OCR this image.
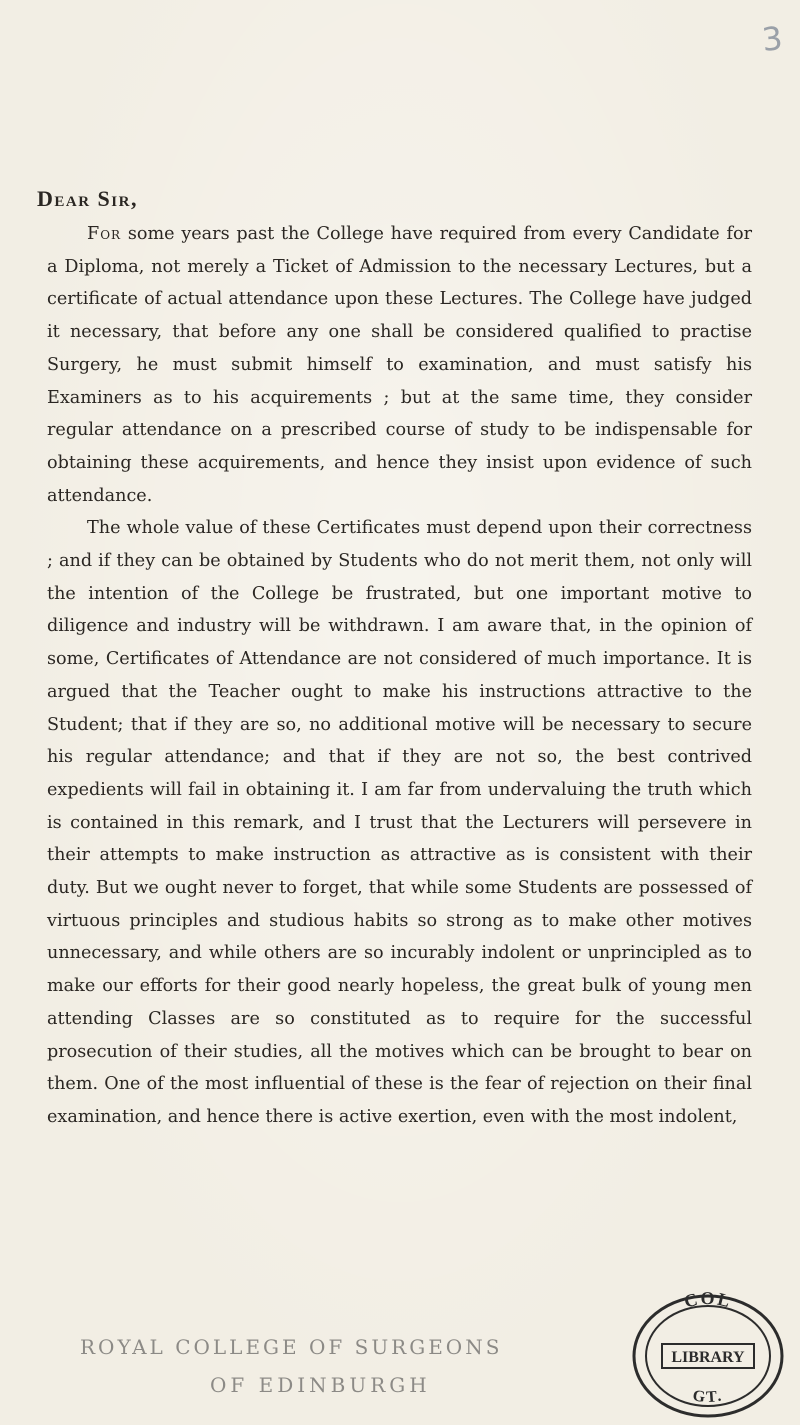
3
Dear Sir,

For some years past the College have required from every Candidate for a Diploma, not merely a Ticket of Admission to the necessary Lectures, but a certificate of actual attendance upon these Lectures. The College have judged it necessary, that before any one shall be considered qualified to practise Surgery, he must submit himself to examination, and must satisfy his Examiners as to his acquirements ; but at the same time, they consider regular attendance on a prescribed course of study to be indispensable for obtaining these acquirements, and hence they insist upon evidence of such attendance.

The whole value of these Certificates must depend upon their correctness ; and if they can be obtained by Students who do not merit them, not only will the intention of the College be frustrated, but one important motive to diligence and industry will be withdrawn. I am aware that, in the opinion of some, Certificates of Attendance are not considered of much importance. It is argued that the Teacher ought to make his instructions attractive to the Student; that if they are so, no additional motive will be necessary to secure his regular attendance; and that if they are not so, the best contrived expedients will fail in obtaining it. I am far from undervaluing the truth which is contained in this remark, and I trust that the Lecturers will persevere in their attempts to make instruction as attractive as is consistent with their duty. But we ought never to forget, that while some Students are possessed of virtuous principles and studious habits so strong as to make other motives unnecessary, and while others are so incurably indolent or unprincipled as to make our efforts for their good nearly hopeless, the great bulk of young men attending Classes are so constituted as to require for the successful prosecution of their studies, all the motives which can be brought to bear on them. One of the most influential of these is the fear of rejection on their final examination, and hence there is active exertion, even with the most indolent,

ROYAL COLLEGE OF SURGEONS
OF EDINBURGH
COL
LIBRARY
GT.
